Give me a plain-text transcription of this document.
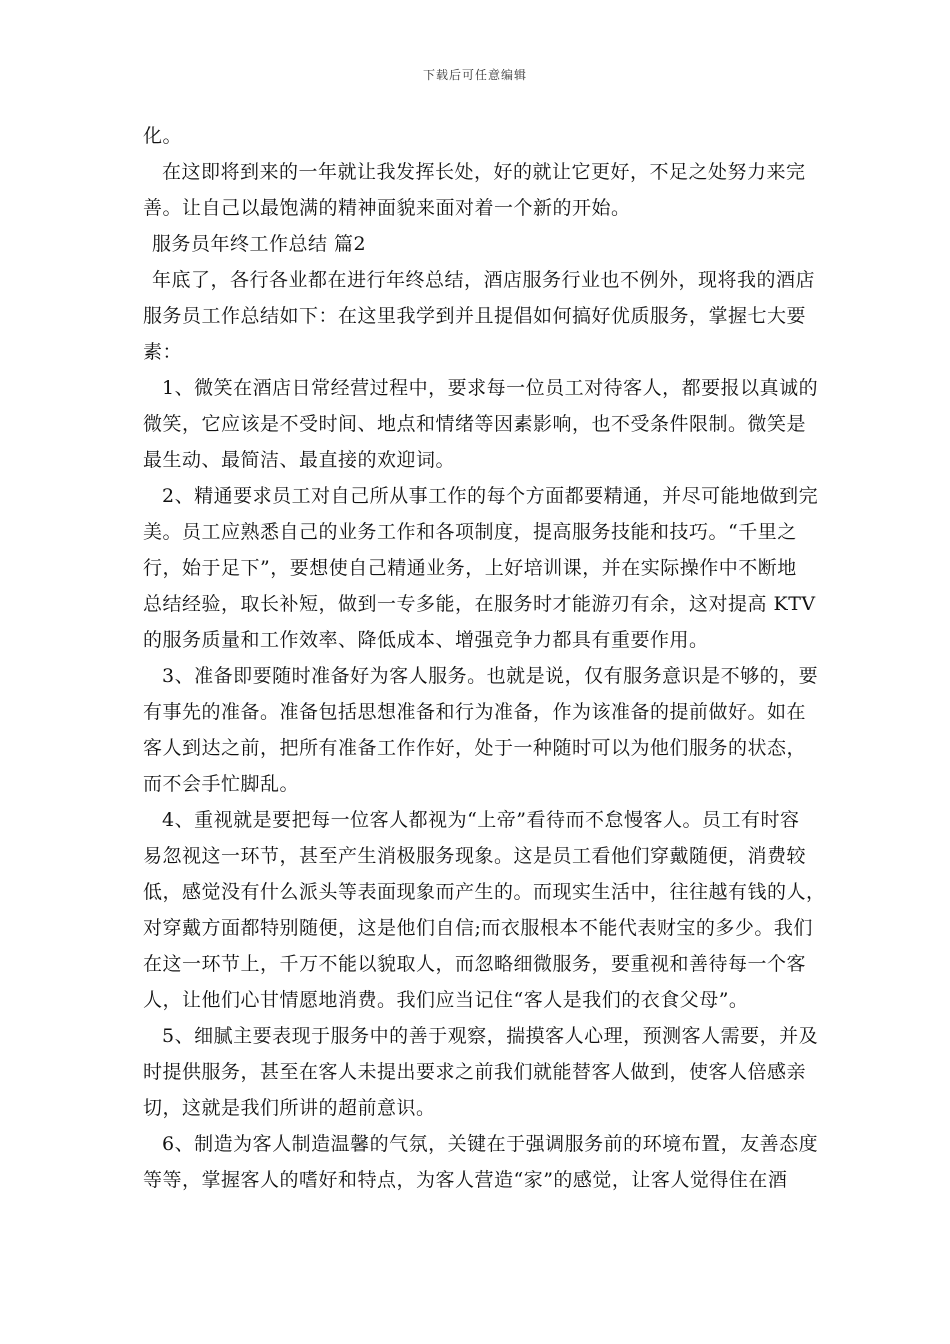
下载后可任意编辑
化。
在这即将到来的一年就让我发挥长处，好的就让它更好，不足之处努力来完
善。让自己以最饱满的精神面貌来面对着一个新的开始。
服务员年终工作总结 篇2
年底了，各行各业都在进行年终总结，酒店服务行业也不例外，现将我的酒店
服务员工作总结如下：在这里我学到并且提倡如何搞好优质服务，掌握七大要
素：
1、微笑在酒店日常经营过程中，要求每一位员工对待客人，都要报以真诚的
微笑，它应该是不受时间、地点和情绪等因素影响，也不受条件限制。微笑是
最生动、最简洁、最直接的欢迎词。
2、精通要求员工对自己所从事工作的每个方面都要精通，并尽可能地做到完
美。员工应熟悉自己的业务工作和各项制度，提高服务技能和技巧。“千里之
行，始于足下”，要想使自己精通业务，上好培训课，并在实际操作中不断地
总结经验，取长补短，做到一专多能，在服务时才能游刃有余，这对提高 KTV
的服务质量和工作效率、降低成本、增强竞争力都具有重要作用。
3、准备即要随时准备好为客人服务。也就是说，仅有服务意识是不够的，要
有事先的准备。准备包括思想准备和行为准备，作为该准备的提前做好。如在
客人到达之前，把所有准备工作作好，处于一种随时可以为他们服务的状态，
而不会手忙脚乱。
4、重视就是要把每一位客人都视为“上帝”看待而不怠慢客人。员工有时容
易忽视这一环节，甚至产生消极服务现象。这是员工看他们穿戴随便，消费较
低，感觉没有什么派头等表面现象而产生的。而现实生活中，往往越有钱的人，
对穿戴方面都特别随便，这是他们自信;而衣服根本不能代表财宝的多少。我们
在这一环节上，千万不能以貌取人，而忽略细微服务，要重视和善待每一个客
人，让他们心甘情愿地消费。我们应当记住“客人是我们的衣食父母”。
5、细腻主要表现于服务中的善于观察，揣摸客人心理，预测客人需要，并及
时提供服务，甚至在客人未提出要求之前我们就能替客人做到，使客人倍感亲
切，这就是我们所讲的超前意识。
6、制造为客人制造温馨的气氛，关键在于强调服务前的环境布置，友善态度
等等，掌握客人的嗜好和特点，为客人营造“家”的感觉，让客人觉得住在酒
